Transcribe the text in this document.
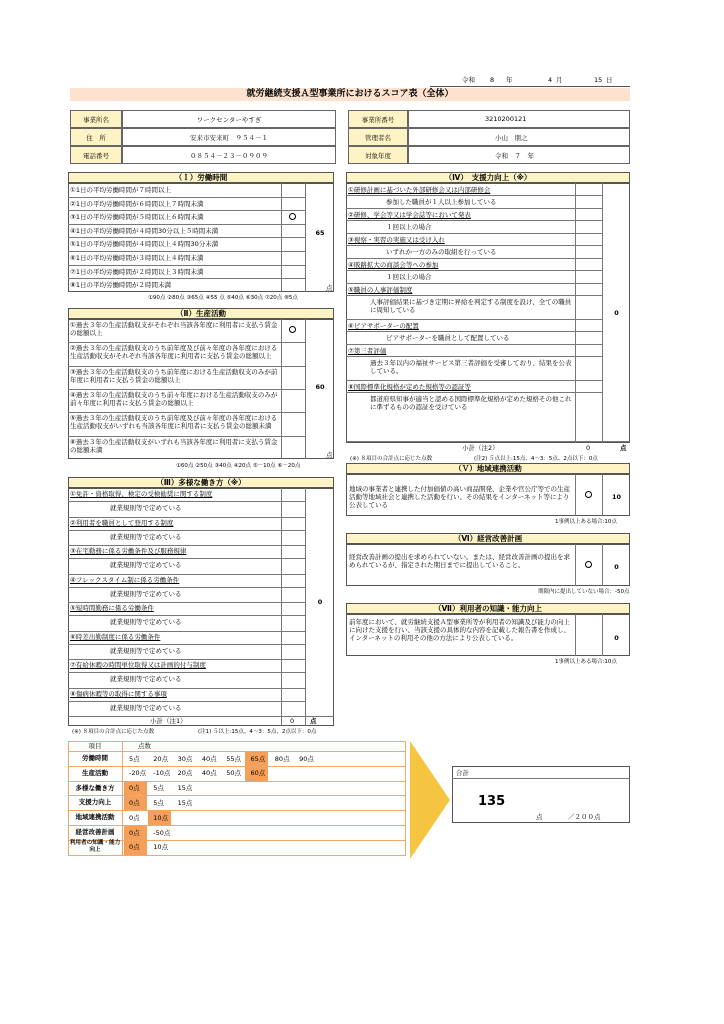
令和 8 年	4 月	15 日
就労継続支援Ａ型事業所におけるスコア表（全体）
事業所名	ワークセンターやすぎ
住　所	安来市安来町　９５４－１
電話番号	０８５４－２３－０９０９
事業所番号	3210200121
管理者名	小山　朋之
対象年度	令和　７　年
（Ｉ）労働時間
①1日の平均労働時間が７時間以上
②1日の平均労働時間が６時間以上７時間未満
③1日の平均労働時間が５時間以上６時間未満
④1日の平均労働時間が４時間30分以上５時間未満
⑤1日の平均労働時間が４時間以上４時間30分未満
⑥1日の平均労働時間が３時間以上４時間未満
⑦1日の平均労働時間が２時間以上３時間未満
⑧1日の平均労働時間が２時間未満
65
点
①90点 ②80点 ③65点 ④55 点 ⑤40点 ⑥30点 ⑦20点 ⑧5点
（Ⅱ）生産活動
①過去３年の生産活動収支がそれぞれ当該各年度に利用者に支払う賃金の総額以上
②過去３年の生産活動収支のうち前年度及び前々年度の各年度における生産活動収支がそれぞれ当該各年度に利用者に支払う賃金の総額以上
③過去３年の生産活動収支のうち前年度における生産活動収支のみが前年度に利用者に支払う賃金の総額以上
④過去３年の生産活動収支のうち前々年度における生産活動収支のみが前々年度に利用者に支払う賃金の総額以上
⑤過去３年の生産活動収支のうち前年度及び前々年度の各年度における生産活動収支がいずれも当該各年度に利用者に支払う賃金の総額未満
⑥過去３年の生産活動収支がいずれも当該各年度に利用者に支払う賃金の総額未満
60
点
①60点 ②50点 ③40点 ④20点 ⑤－10点 ⑥－20点
（Ⅲ）多様な働き方（※）
①免許・資格取得、検定の受検勧奨に関する制度
就業規則等で定めている
②利用者を職員として登用する制度
就業規則等で定めている
③在宅勤務に係る労働条件及び服務規律
就業規則等で定めている
④フレックスタイム制に係る労働条件
就業規則等で定めている
⑤短時間勤務に係る労働条件
就業規則等で定めている
⑥時差出勤制度に係る労働条件
就業規則等で定めている
⑦有給休暇の時間単位取得又は計画的付与制度
就業規則等で定めている
⑧傷病休暇等の取得に関する事項
就業規則等で定めている
0
小計（注1）	0 点
(※) ８項目の合計点に応じた点数	(注1) ５以上:15点、4～3：5点、2点以下：0点
（Ⅳ）　支援力向上（※）
①研修計画に基づいた外部研修会又は内部研修会
参加した職員が１人以上参加している
②研修、学会等又は学会誌等において発表
１回以上の場合
③視察・実習の実施又は受け入れ
いずれか一方のみの取組を行っている
④販路拡大の商談会等への参加
１回以上の場合
⑤職員の人事評価制度
人事評価結果に基づき定期に昇給を判定する制度を設け、全ての職員に周知している
⑥ピアサポーターの配置
ピアサポーターを職員として配置している
⑦第三者評価
過去３年以内の福祉サービス第三者評価を受審しており、結果を公表している。
⑧国際標準化規格が定めた規格等の認証等
都道府県知事が適当と認める国際標準化規格が定めた規格その他これに準ずるものの認証を受けている
0
小計（注2）	0	点
(※) ８項目の合計点に応じた点数	(注2) ５点以上:15点、4～3：5点、2点以下：0点
（Ｖ）地域連携活動
地域の事業者と連携した付加価値の高い商品開発、企業や官公庁等での生産活動等地域社会と連携した活動を行い、その結果をインターネット等により公表している
10
1事例以上ある場合:10点
（Ⅵ）経営改善計画
経営改善計画の提出を求められていない。または、経営改善計画の提出を求められているが、指定された期日までに提出していること。	0
期限内に提出していない場合：-50点
（Ⅶ）利用者の知識・能力向上
前年度において、就労継続支援Ａ型事業所等が利用者の知識及び能力の向上に向けた支援を行い、当該支援の具体的な内容を記載した報告書を作成し、インターネットの利用その他の方法により公表している。	0
1事例以上ある場合:10点
項目	点数
労働時間	5点 20点 30点 40点 55点 65点 80点 90点
生産活動	-20点 -10点 20点 40点 50点 60点
多様な働き方	0点 5点 15点
支援力向上	0点 5点 15点
地域連携活動	0点 10点
経営改善計画	0点 -50点
利用者の知識・能力向上	0点 10点
合計
135
点	／２００点
